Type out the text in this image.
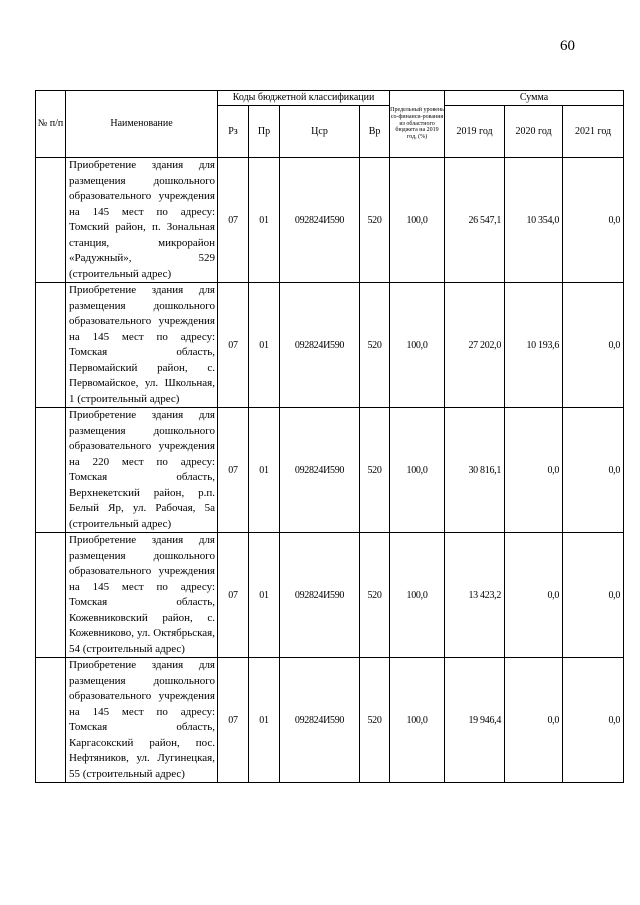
60
№ п/п	Наименование	Коды бюджетной классификации				Предельный уровень со-финанси-рования из областного бюджета на 2019 год, (%)	Сумма		
		Рз	Пр	Цср	Вр		2019 год	2020 год	2021 год
	Приобретение здания для размещения дошкольного образовательного учреждения на 145 мест по адресу: Томский район, п. Зональная станция, микрорайон «Радужный», 529 (строительный адрес)	07	01	092824И590	520	100,0	26 547,1	10 354,0	0,0
	Приобретение здания для размещения дошкольного образовательного учреждения на 145 мест по адресу: Томская область, Первомайский район, с. Первомайское, ул. Школьная, 1 (строительный адрес)	07	01	092824И590	520	100,0	27 202,0	10 193,6	0,0
	Приобретение здания для размещения дошкольного образовательного учреждения на 220 мест по адресу: Томская область, Верхнекетский район, р.п. Белый Яр, ул. Рабочая, 5а (строительный адрес)	07	01	092824И590	520	100,0	30 816,1	0,0	0,0
	Приобретение здания для размещения дошкольного образовательного учреждения на 145 мест по адресу: Томская область, Кожевниковский район, с. Кожевниково, ул. Октябрьская, 54 (строительный адрес)	07	01	092824И590	520	100,0	13 423,2	0,0	0,0
	Приобретение здания для размещения дошкольного образовательного учреждения на 145 мест по адресу: Томская область, Каргасокский район, пос. Нефтяников, ул. Лугинецкая, 55 (строительный адрес)	07	01	092824И590	520	100,0	19 946,4	0,0	0,0
